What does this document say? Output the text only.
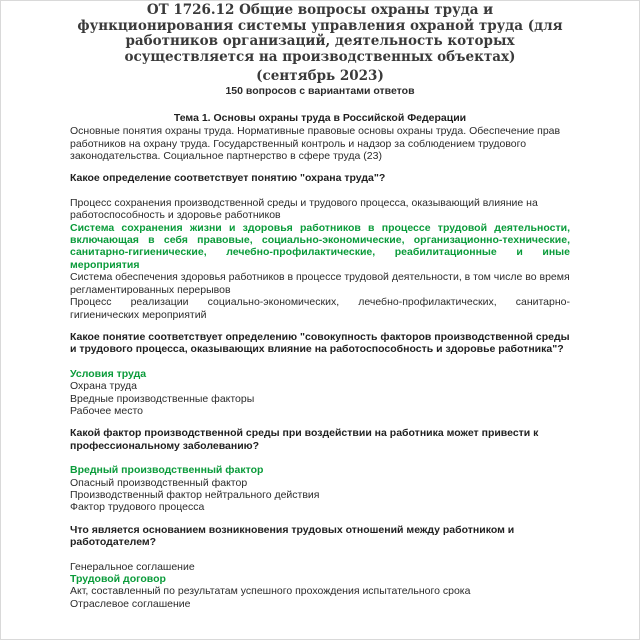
ОТ 1726.12 Общие вопросы охраны труда и функционирования системы управления охраной труда (для работников организаций, деятельность которых осуществляется на производственных объектах)
(сентябрь 2023)
150 вопросов с вариантами ответов
Тема 1. Основы охраны труда в Российской Федерации
Основные понятия охраны труда. Нормативные правовые основы охраны труда. Обеспечение прав работников на охрану труда. Государственный контроль и надзор за соблюдением трудового законодательства. Социальное партнерство в сфере труда (23)
Какое определение соответствует понятию "охрана труда"?
Процесс сохранения производственной среды и трудового процесса, оказывающий влияние на работоспособность и здоровье работников
Система сохранения жизни и здоровья работников в процессе трудовой деятельности, включающая в себя правовые, социально-экономические, организационно-технические, санитарно-гигиенические, лечебно-профилактические, реабилитационные и иные мероприятия
Система обеспечения здоровья работников в процессе трудовой деятельности, в том числе во время регламентированных перерывов
Процесс реализации социально-экономических, лечебно-профилактических, санитарно-гигиенических мероприятий
Какое понятие соответствует определению "совокупность факторов производственной среды и трудового процесса, оказывающих влияние на работоспособность и здоровье работника"?
Условия труда
Охрана труда
Вредные производственные факторы
Рабочее место
Какой фактор производственной среды при воздействии на работника может привести к профессиональному заболеванию?
Вредный производственный фактор
Опасный производственный фактор
Производственный фактор нейтрального действия
Фактор трудового процесса
Что является основанием возникновения трудовых отношений между работником и работодателем?
Генеральное соглашение
Трудовой договор
Акт, составленный по результатам успешного прохождения испытательного срока
Отраслевое соглашение
